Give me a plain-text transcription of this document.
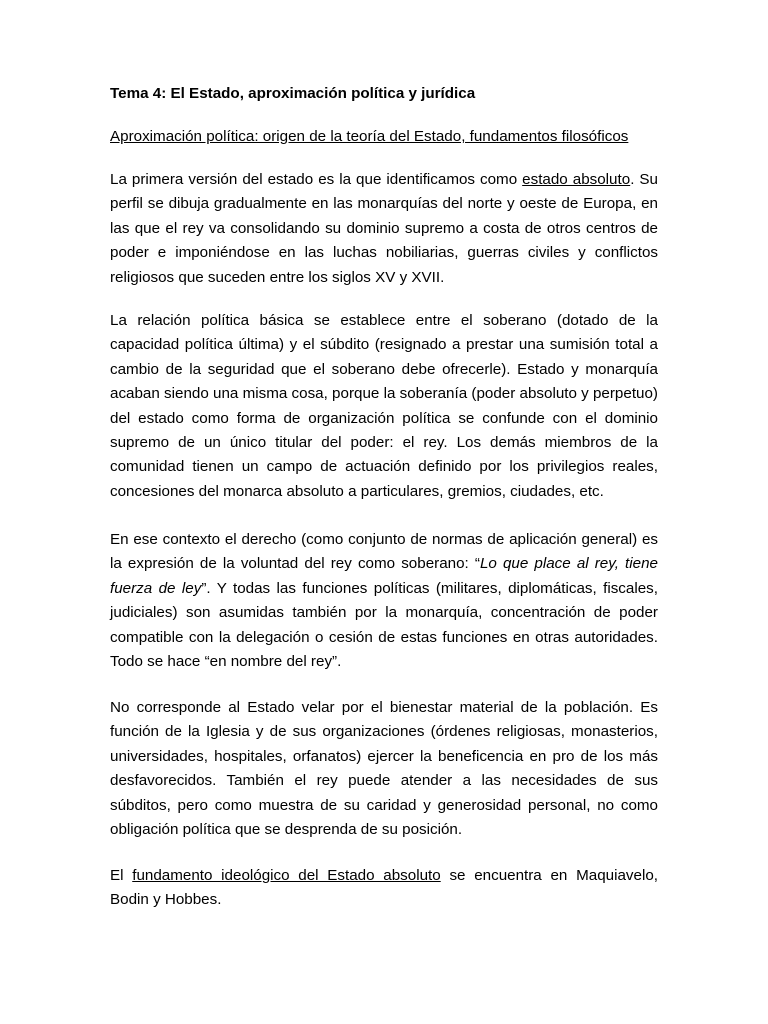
Tema 4: El Estado, aproximación política y jurídica
Aproximación política: origen de la teoría del Estado, fundamentos filosóficos

La primera versión del estado es la que identificamos como estado absoluto. Su perfil se dibuja gradualmente en las monarquías del norte y oeste de Europa, en las que el rey va consolidando su dominio supremo a costa de otros centros de poder e imponiéndose en las luchas nobiliarias, guerras civiles y conflictos religiosos que suceden entre los siglos XV y XVII.

La relación política básica se establece entre el soberano (dotado de la capacidad política última) y el súbdito (resignado a prestar una sumisión total a cambio de la seguridad que el soberano debe ofrecerle). Estado y monarquía acaban siendo una misma cosa, porque la soberanía (poder absoluto y perpetuo) del estado como forma de organización política se confunde con el dominio supremo de un único titular del poder: el rey. Los demás miembros de la comunidad tienen un campo de actuación definido por los privilegios reales, concesiones del monarca absoluto a particulares, gremios, ciudades, etc.

En ese contexto el derecho (como conjunto de normas de aplicación general) es la expresión de la voluntad del rey como soberano: “Lo que place al rey, tiene fuerza de ley”. Y todas las funciones políticas (militares, diplomáticas, fiscales, judiciales) son asumidas también por la monarquía, concentración de poder compatible con la delegación o cesión de estas funciones en otras autoridades. Todo se hace “en nombre del rey”.

No corresponde al Estado velar por el bienestar material de la población. Es función de la Iglesia y de sus organizaciones (órdenes religiosas, monasterios, universidades, hospitales, orfanatos) ejercer la beneficencia en pro de los más desfavorecidos. También el rey puede atender a las necesidades de sus súbditos, pero como muestra de su caridad y generosidad personal, no como obligación política que se desprenda de su posición.

El fundamento ideológico del Estado absoluto se encuentra en Maquiavelo, Bodin y Hobbes.
